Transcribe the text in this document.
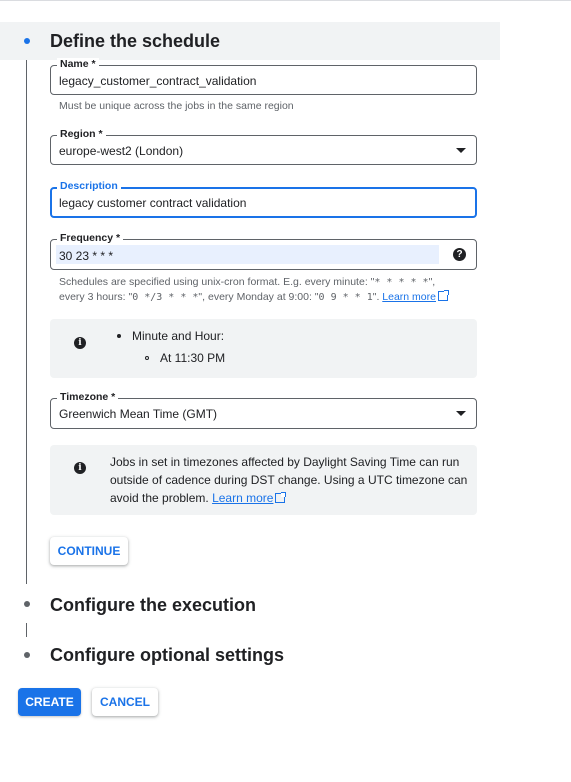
Define the schedule
Name *
legacy_customer_contract_validation
Must be unique across the jobs in the same region
Region *
europe-west2 (London)
Description
legacy customer contract validation
Frequency *
30 23 * * *	?
Schedules are specified using unix-cron format. E.g. every minute: "* * * * *",
every 3 hours: "0 */3 * * *", every Monday at 9:00: "0 9 * * 1". Learn more
i	Minute and Hour:
At 11:30 PM
Timezone *
Greenwich Mean Time (GMT)
i	Jobs in set in timezones affected by Daylight Saving Time can run outside of cadence during DST change. Using a UTC timezone can avoid the problem. Learn more
CONTINUE
Configure the execution
Configure optional settings
CREATE	CANCEL
